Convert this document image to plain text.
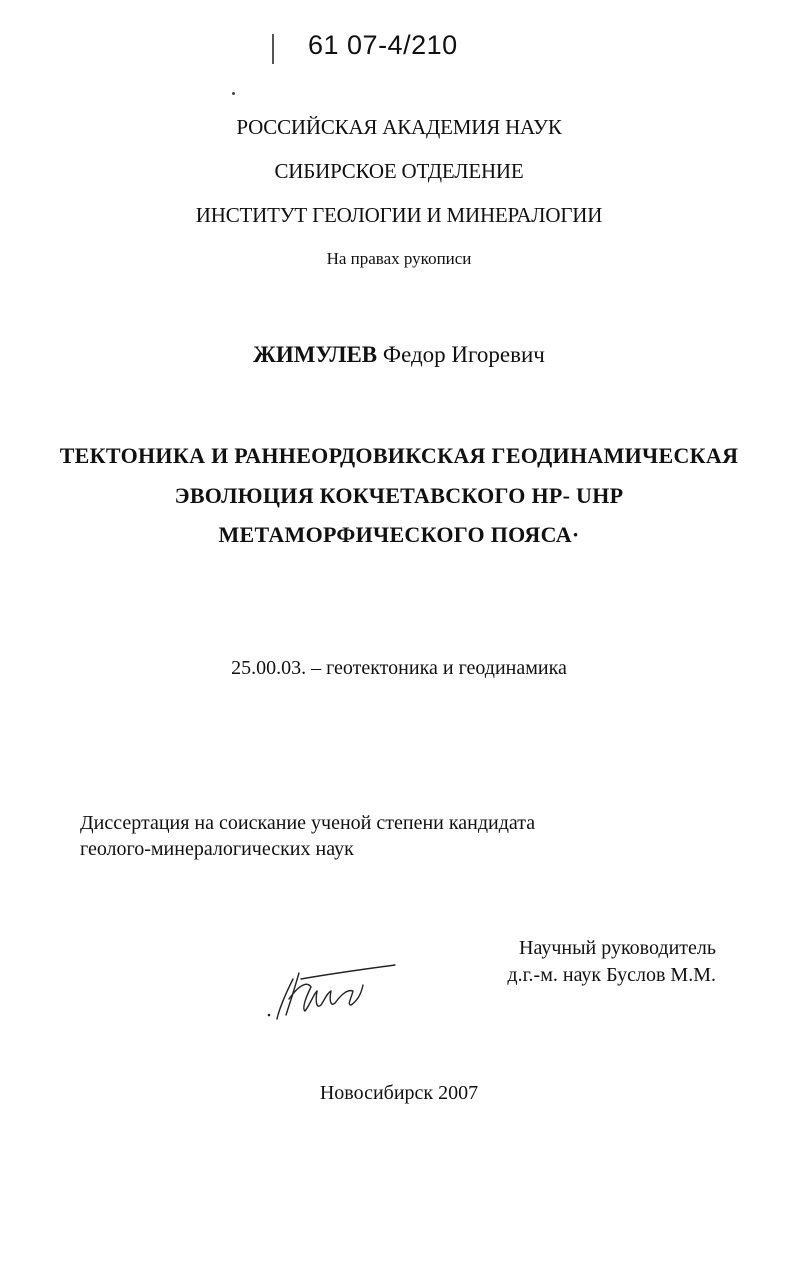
61 07-4/210
РОССИЙСКАЯ АКАДЕМИЯ НАУК
СИБИРСКОЕ ОТДЕЛЕНИЕ
ИНСТИТУТ ГЕОЛОГИИ И МИНЕРАЛОГИИ
На правах рукописи
ЖИМУЛЕВ Федор Игоревич
ТЕКТОНИКА И РАННЕОРДОВИКСКАЯ ГЕОДИНАМИЧЕСКАЯ
ЭВОЛЮЦИЯ КОКЧЕТАВСКОГО HP- UHP
МЕТАМОРФИЧЕСКОГО ПОЯСА·
25.00.03. – геотектоника и геодинамика
Диссертация на соискание ученой степени кандидата
геолого-минералогических наук
Научный руководитель
д.г.-м. наук Буслов М.М.
Новосибирск 2007
